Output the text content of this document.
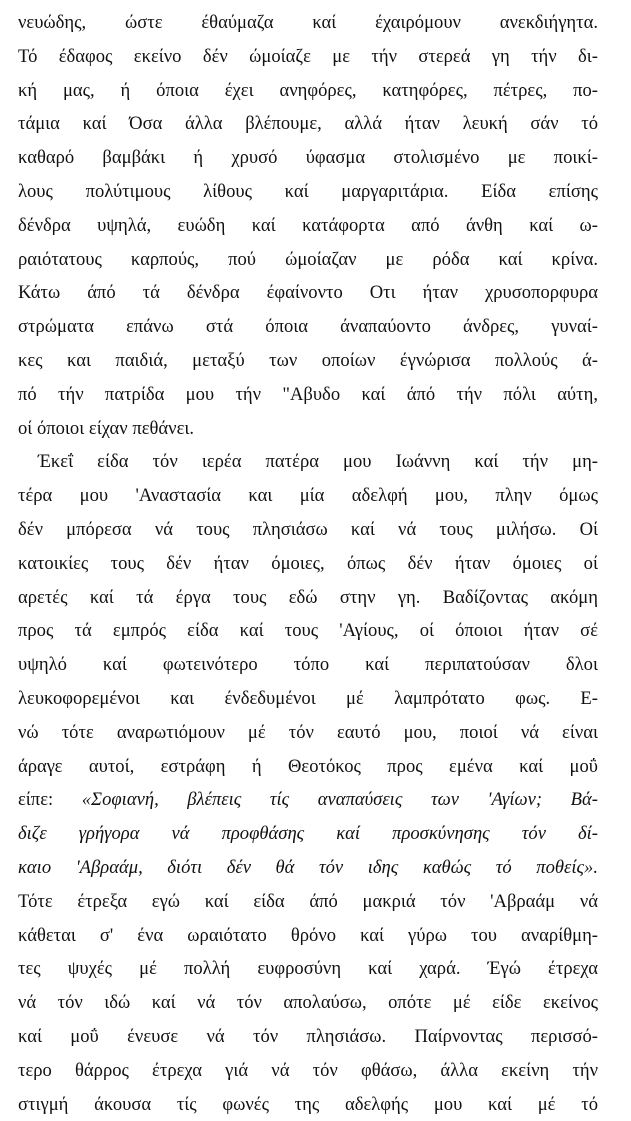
νευώδης, ώστε έθαύμαζα καί έχαιρόμουν ανεκδιήγητα.
Τό έδαφος εκείνο δέν ώμοίαζε με τήν στερεά γη τήν δι-
κή μας, ή όποια έχει ανηφόρες, κατηφόρες, πέτρες, πο-
τάμια καί Όσα άλλα βλέπουμε, αλλά ήταν λευκή σάν τό
καθαρό βαμβάκι ή χρυσό ύφασμα στολισμένο με ποικί-
λους πολύτιμους λίθους καί μαργαριτάρια. Είδα επίσης
δένδρα υψηλά, ευώδη καί κατάφορτα από άνθη καί ω-
ραιότατους καρπούς, πού ώμοίαζαν με ρόδα καί κρίνα.
Κάτω άπό τά δένδρα έφαίνοντο Οτι ήταν χρυσοπορφυρα
στρώματα επάνω στά όποια άναπαύοντο άνδρες, γυναί-
κες και παιδιά, μεταξύ των οποίων έγνώρισα πολλούς ά-
πό τήν πατρίδα μου τήν "Αβυδο καί άπό τήν πόλι αύτη,
οί όποιοι είχαν πεθάνει.
Έκεΐ είδα τόν ιερέα πατέρα μου Ιωάννη καί τήν μη-
τέρα μου 'Αναστασία και μία αδελφή μου, πλην όμως
δέν μπόρεσα νά τους πλησιάσω καί νά τους μιλήσω. Οί
κατοικίες τους δέν ήταν όμοιες, όπως δέν ήταν όμοιες οί
αρετές καί τά έργα τους εδώ στην γη. Βαδίζοντας ακόμη
προς τά εμπρός είδα καί τους 'Αγίους, οί όποιοι ήταν σέ
υψηλό καί φωτεινότερο τόπο καί περιπατούσαν δλοι
λευκοφορεμένοι και ένδεδυμένοι μέ λαμπρότατο φως. Ε-
νώ τότε αναρωτιόμουν μέ τόν εαυτό μου, ποιοί νά είναι
άραγε αυτοί, εστράφη ή Θεοτόκος προς εμένα καί μοΰ
είπε: «Σοφιανή, βλέπεις τίς αναπαύσεις των 'Αγίων; Βά-
διζε γρήγορα νά προφθάσης καί προσκύνησης τόν δί-
καιο 'Αβραάμ, διότι δέν θά τόν ιδης καθώς τό ποθείς».
Τότε έτρεξα εγώ καί είδα άπό μακριά τόν 'Αβραάμ νά
κάθεται σ' ένα ωραιότατο θρόνο καί γύρω του αναρίθμη-
τες ψυχές μέ πολλή ευφροσύνη καί χαρά. Έγώ έτρεχα
νά τόν ιδώ καί νά τόν απολαύσω, οπότε μέ είδε εκείνος
καί μοΰ ένευσε νά τόν πλησιάσω. Παίρνοντας περισσό-
τερο θάρρος έτρεχα γιά νά τόν φθάσω, άλλα εκείνη τήν
στιγμή άκουσα τίς φωνές της αδελφής μου καί μέ τό
